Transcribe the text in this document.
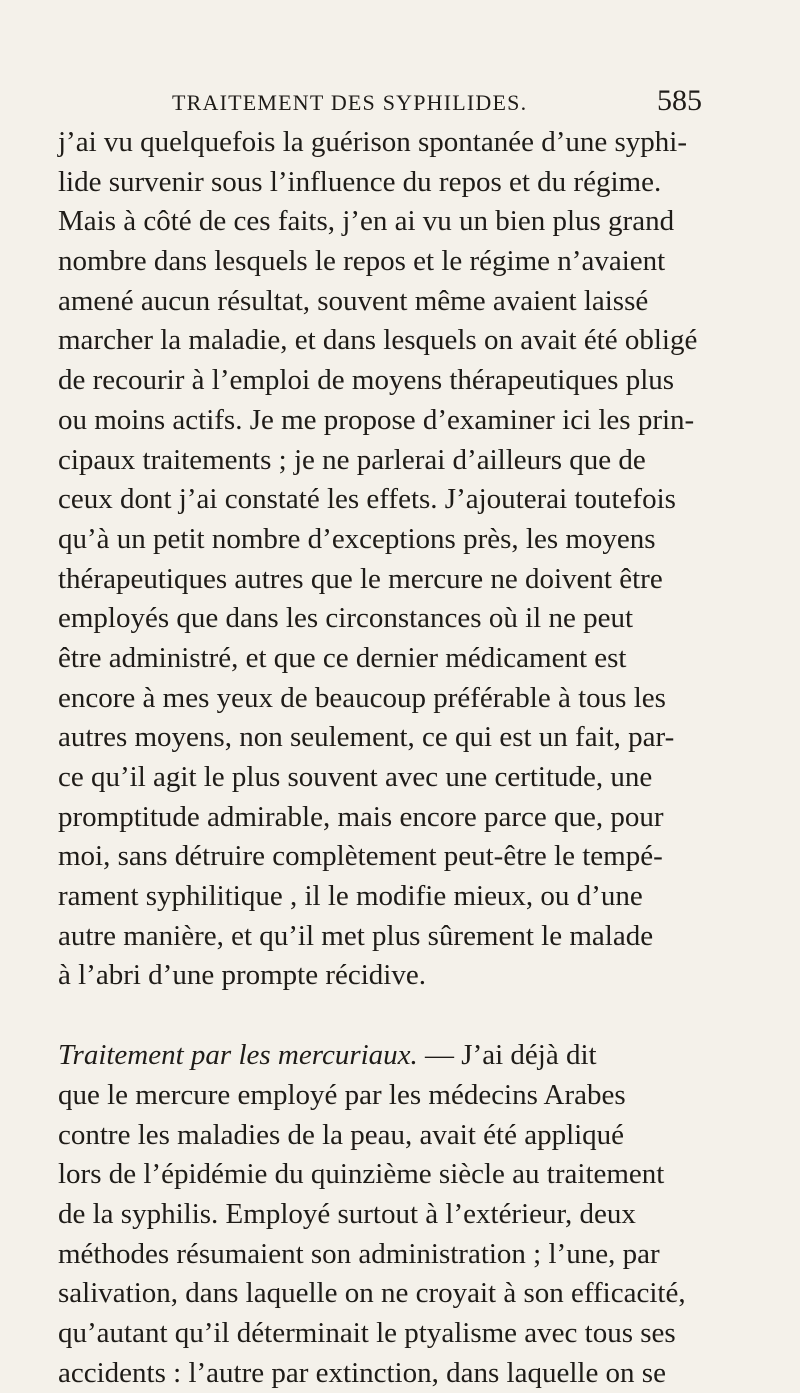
TRAITEMENT DES SYPHILIDES.	585
j’ai vu quelquefois la guérison spontanée d’une syphi-
lide survenir sous l’influence du repos et du régime.
Mais à côté de ces faits, j’en ai vu un bien plus grand
nombre dans lesquels le repos et le régime n’avaient
amené aucun résultat, souvent même avaient laissé
marcher la maladie, et dans lesquels on avait été obligé
de recourir à l’emploi de moyens thérapeutiques plus
ou moins actifs. Je me propose d’examiner ici les prin-
cipaux traitements ; je ne parlerai d’ailleurs que de
ceux dont j’ai constaté les effets. J’ajouterai toutefois
qu’à un petit nombre d’exceptions près, les moyens
thérapeutiques autres que le mercure ne doivent être
employés que dans les circonstances où il ne peut
être administré, et que ce dernier médicament est
encore à mes yeux de beaucoup préférable à tous les
autres moyens, non seulement, ce qui est un fait, par-
ce qu’il agit le plus souvent avec une certitude, une
promptitude admirable, mais encore parce que, pour
moi, sans détruire complètement peut-être le tempé-
rament syphilitique , il le modifie mieux, ou d’une
autre manière, et qu’il met plus sûrement le malade
à l’abri d’une prompte récidive.
Traitement par les mercuriaux. — J’ai déjà dit
que le mercure employé par les médecins Arabes
contre les maladies de la peau, avait été appliqué
lors de l’épidémie du quinzième siècle au traitement
de la syphilis. Employé surtout à l’extérieur, deux
méthodes résumaient son administration ; l’une, par
salivation, dans laquelle on ne croyait à son efficacité,
qu’autant qu’il déterminait le ptyalisme avec tous ses
accidents : l’autre par extinction, dans laquelle on se
